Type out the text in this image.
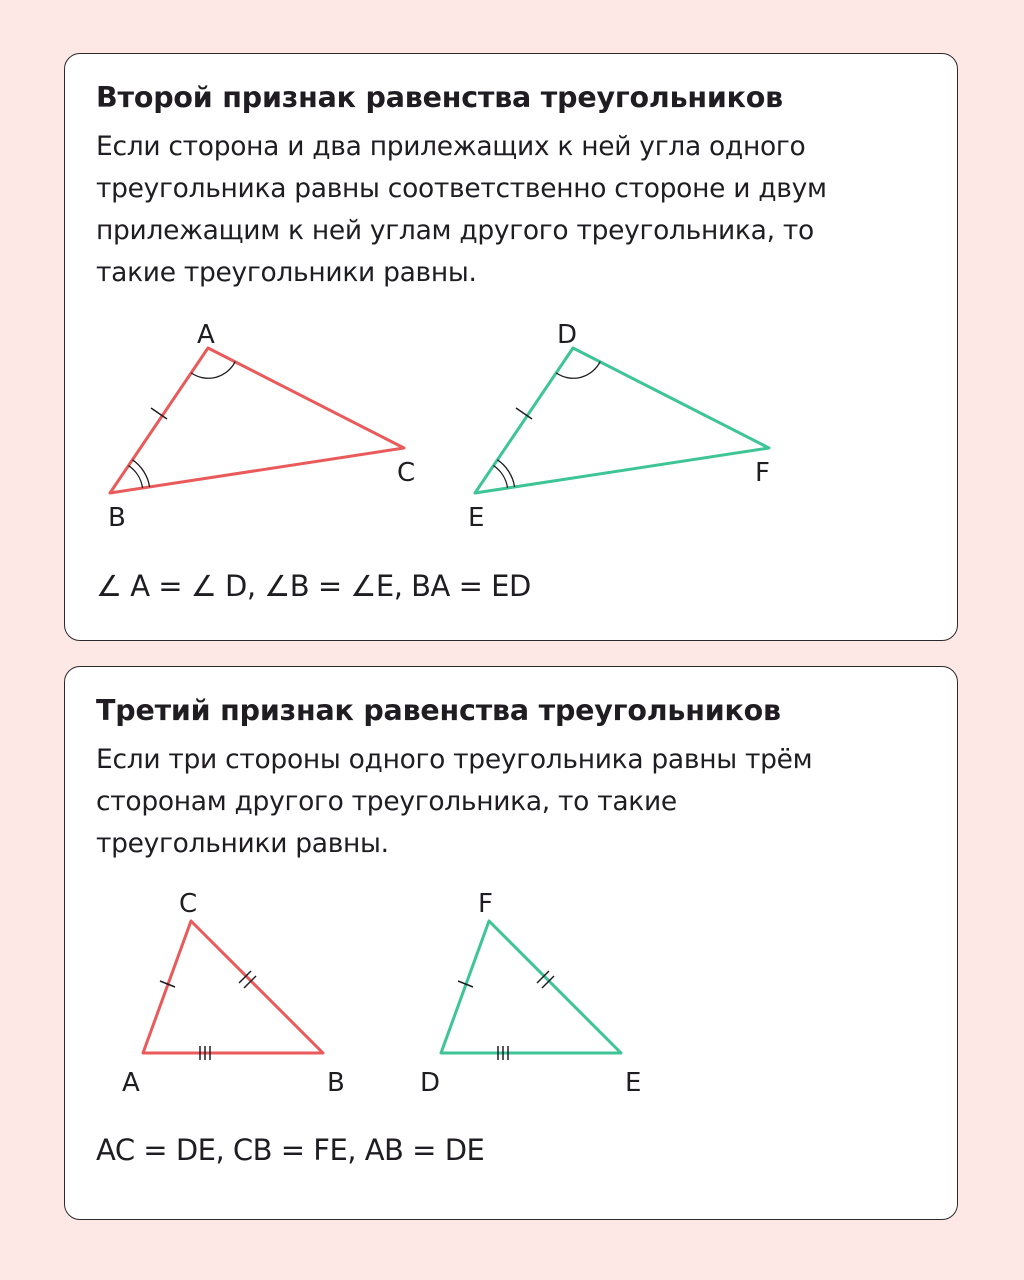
Второй признак равенства треугольников

Если сторона и два прилежащих к ней угла одного
треугольника равны соответственно стороне и двум
прилежащим к ней углам другого треугольника, то
такие треугольники равны.

A
B
C
D
E
F

∠ A = ∠ D, ∠B = ∠E, BA = ED

Третий признак равенства треугольников

Если три стороны одного треугольника равны трём
сторонам другого треугольника, то такие
треугольники равны.

C
A	B
F
D	E

AC = DE, CB = FE, AB = DE
